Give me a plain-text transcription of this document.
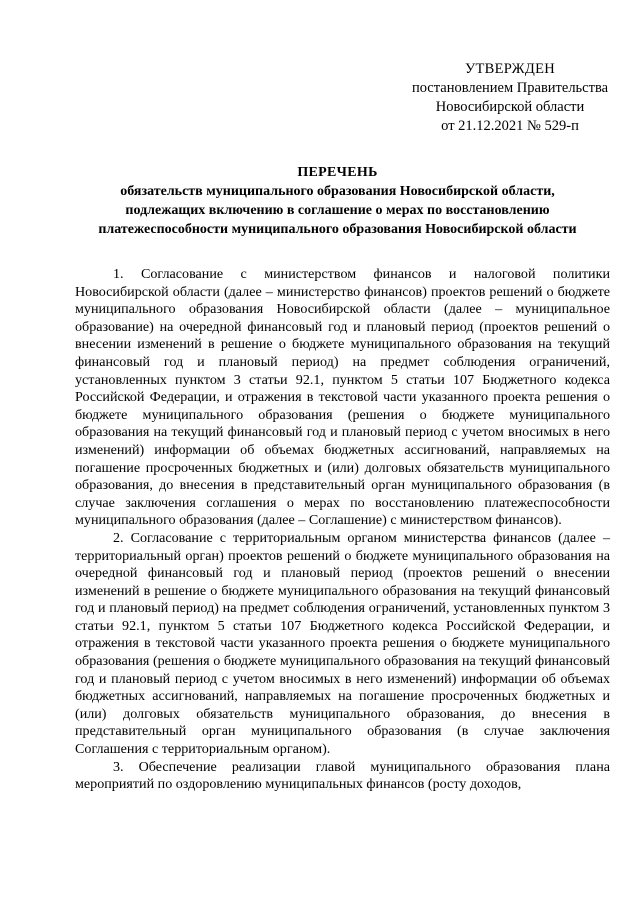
УТВЕРЖДЕН
постановлением Правительства
Новосибирской области
от 21.12.2021 № 529-п
ПЕРЕЧЕНЬ
обязательств муниципального образования Новосибирской области,
подлежащих включению в соглашение о мерах по восстановлению
платежеспособности муниципального образования Новосибирской области

1. Согласование с министерством финансов и налоговой политики Новосибирской области (далее – министерство финансов) проектов решений о бюджете муниципального образования Новосибирской области (далее – муниципальное образование) на очередной финансовый год и плановый период (проектов решений о внесении изменений в решение о бюджете муниципального образования на текущий финансовый год и плановый период) на предмет соблюдения ограничений, установленных пунктом 3 статьи 92.1, пунктом 5 статьи 107 Бюджетного кодекса Российской Федерации, и отражения в текстовой части указанного проекта решения о бюджете муниципального образования (решения о бюджете муниципального образования на текущий финансовый год и плановый период с учетом вносимых в него изменений) информации об объемах бюджетных ассигнований, направляемых на погашение просроченных бюджетных и (или) долговых обязательств муниципального образования, до внесения в представительный орган муниципального образования (в случае заключения соглашения о мерах по восстановлению платежеспособности муниципального образования (далее – Соглашение) с министерством финансов).

2. Согласование с территориальным органом министерства финансов (далее – территориальный орган) проектов решений о бюджете муниципального образования на очередной финансовый год и плановый период (проектов решений о внесении изменений в решение о бюджете муниципального образования на текущий финансовый год и плановый период) на предмет соблюдения ограничений, установленных пунктом 3 статьи 92.1, пунктом 5 статьи 107 Бюджетного кодекса Российской Федерации, и отражения в текстовой части указанного проекта решения о бюджете муниципального образования (решения о бюджете муниципального образования на текущий финансовый год и плановый период с учетом вносимых в него изменений) информации об объемах бюджетных ассигнований, направляемых на погашение просроченных бюджетных и (или) долговых обязательств муниципального образования, до внесения в представительный орган муниципального образования (в случае заключения Соглашения с территориальным органом).

3. Обеспечение реализации главой муниципального образования плана мероприятий по оздоровлению муниципальных финансов (росту доходов,
